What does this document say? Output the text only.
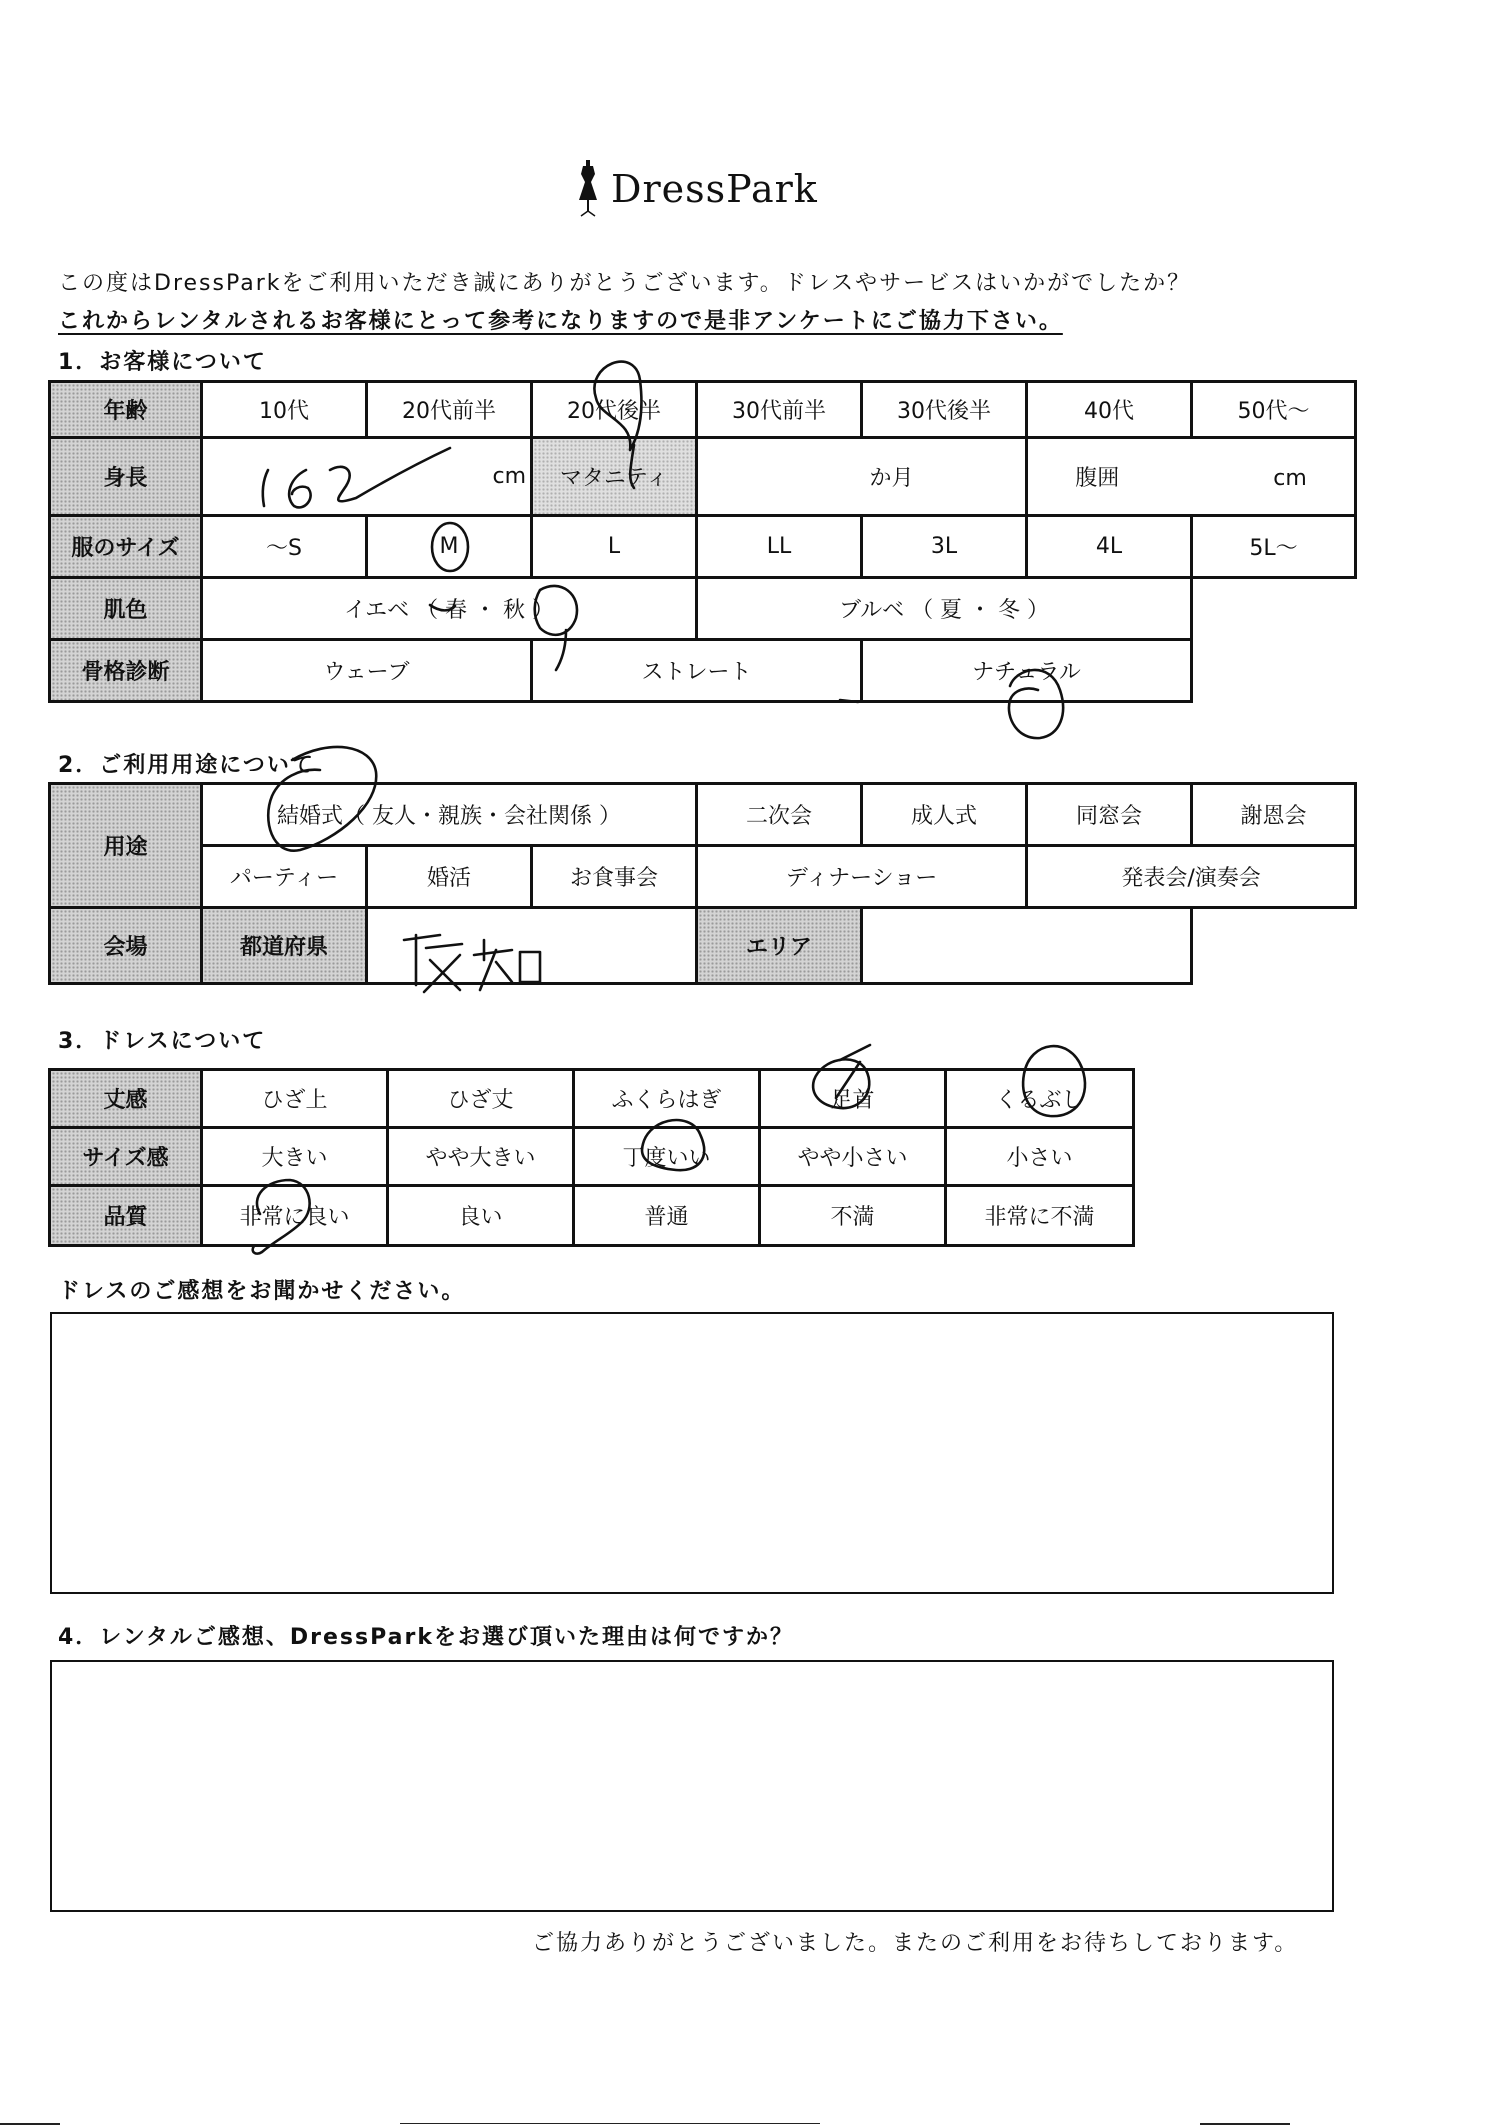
DressPark
この度はDressParkをご利用いただき誠にありがとうございます。ドレスやサービスはいかがでしたか？
これからレンタルされるお客様にとって参考になりますので是非アンケートにご協力下さい。
1．お客様について
年齢	10代	20代前半	20代後半	30代前半	30代後半	40代	50代～
身長	cm		マタニティ	か月		腹囲 cm	
服のサイズ	～S	M	L	LL	3L	4L	5L～
肌色	イエベ （ 春 ・ 秋 ）			ブルベ （ 夏 ・ 冬 ）			
骨格診断	ウェーブ		ストレート		ナチュラル		
2．ご利用用途について
用途	結婚式（ 友人・親族・会社関係 ）			二次会	成人式	同窓会	謝恩会
	パーティー	婚活	お食事会	ディナーショー		発表会/演奏会	
会場	都道府県			エリア			
3．ドレスについて
丈感	ひざ上	ひざ丈	ふくらはぎ	足首	くるぶし
サイズ感	大きい	やや大きい	丁度いい	やや小さい	小さい
品質	非常に良い	良い	普通	不満	非常に不満
ドレスのご感想をお聞かせください。
4．レンタルご感想、DressParkをお選び頂いた理由は何ですか？
ご協力ありがとうございました。またのご利用をお待ちしております。
